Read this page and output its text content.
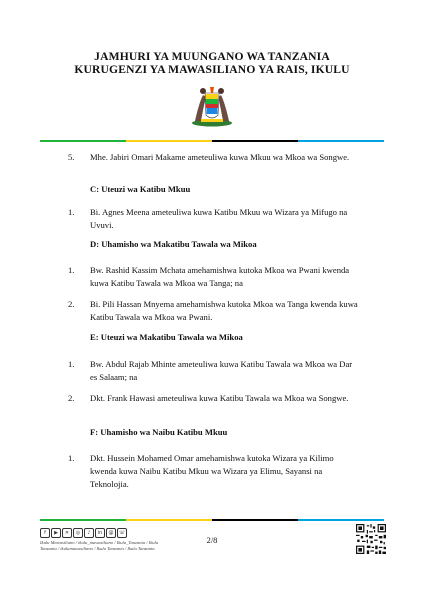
JAMHURI YA MUUNGANO WA TANZANIA
KURUGENZI YA MAWASILIANO YA RAIS, IKULU
5. Mhe. Jabiri Omari Makame ameteuliwa kuwa Mkuu wa Mkoa wa Songwe.
C: Uteuzi wa Katibu Mkuu
1. Bi. Agnes Meena ameteuliwa kuwa Katibu Mkuu wa Wizara ya Mifugo na Uvuvi.
D: Uhamisho wa Makatibu Tawala wa Mikoa
1. Bw. Rashid Kassim Mchata amehamishwa kutoka Mkoa wa Pwani kwenda kuwa Katibu Tawala wa Mkoa wa Tanga; na
2. Bi. Pili Hassan Mnyema amehamishwa kutoka Mkoa wa Tanga kwenda kuwa Katibu Tawala wa Mkoa wa Pwani.
E: Uteuzi wa Makatibu Tawala wa Mikoa
1. Bw. Abdul Rajab Mhinte ameteuliwa kuwa Katibu Tawala wa Mkoa wa Dar es Salaam; na
2. Dkt. Frank Hawasi ameteuliwa kuwa Katibu Tawala wa Mkoa wa Songwe.
F: Uhamisho wa Naibu Katibu Mkuu
1. Dkt. Hussein Mohamed Omar amehamishwa kutoka Wizara ya Kilimo kwenda kuwa Naibu Katibu Mkuu wa Wizara ya Elimu, Sayansi na Teknolojia.
f	▶	✕	◎	♪	in	@	☏
Ikulu Mawasiliano / ikulu_mawasiliano / Ikulu_Tanzania / Ikulu Tanzania / ikulumawasiliano / Ikulu Tanzania / Ikulu Tanzania
2/8
